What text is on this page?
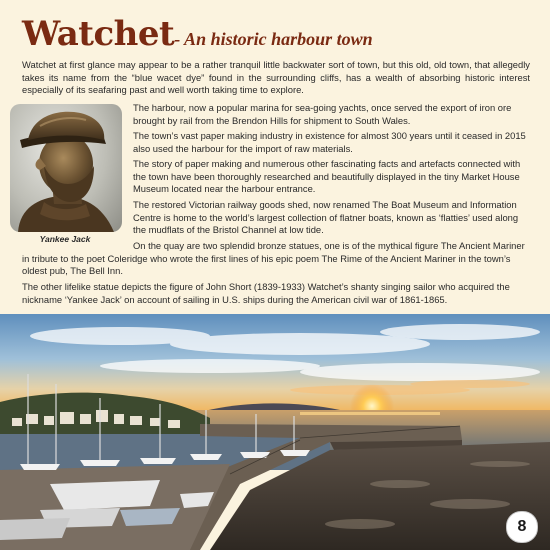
Watchet- An historic harbour town

Watchet at first glance may appear to be a rather tranquil little backwater sort of town, but this old, old town, that allegedly takes its name from the “blue wacet dye” found in the surrounding cliffs, has a wealth of absorbing historic interest especially of its seafaring past and well worth taking time to explore.

Yankee Jack

The harbour, now a popular marina for sea-going yachts, once served the export of iron ore brought by rail from the Brendon Hills for shipment to South Wales.

The town’s vast paper making industry in existence for almost 300 years until it ceased in 2015 also used the harbour for the import of raw materials.

The story of paper making and numerous other fascinating facts and artefacts connected with the town have been thoroughly researched and beautifully displayed in the tiny Market House Museum located near the harbour entrance.

The restored Victorian railway goods shed, now renamed The Boat Museum and Information Centre is home to the world’s largest collection of flatner boats, known as ‘flatties’ used along the mudflats of the Bristol Channel at low tide.

On the quay are two splendid bronze statues, one is of the mythical figure The Ancient Mariner in tribute to the poet Coleridge who wrote the first lines of his epic poem The Rime of the Ancient Mariner in the town’s oldest pub, The Bell Inn.

The other lifelike statue depicts the figure of John Short (1839-1933) Watchet’s shanty singing sailor who acquired the nickname ‘Yankee Jack’ on account of sailing in U.S. ships during the American civil war of 1861-1865.

8
